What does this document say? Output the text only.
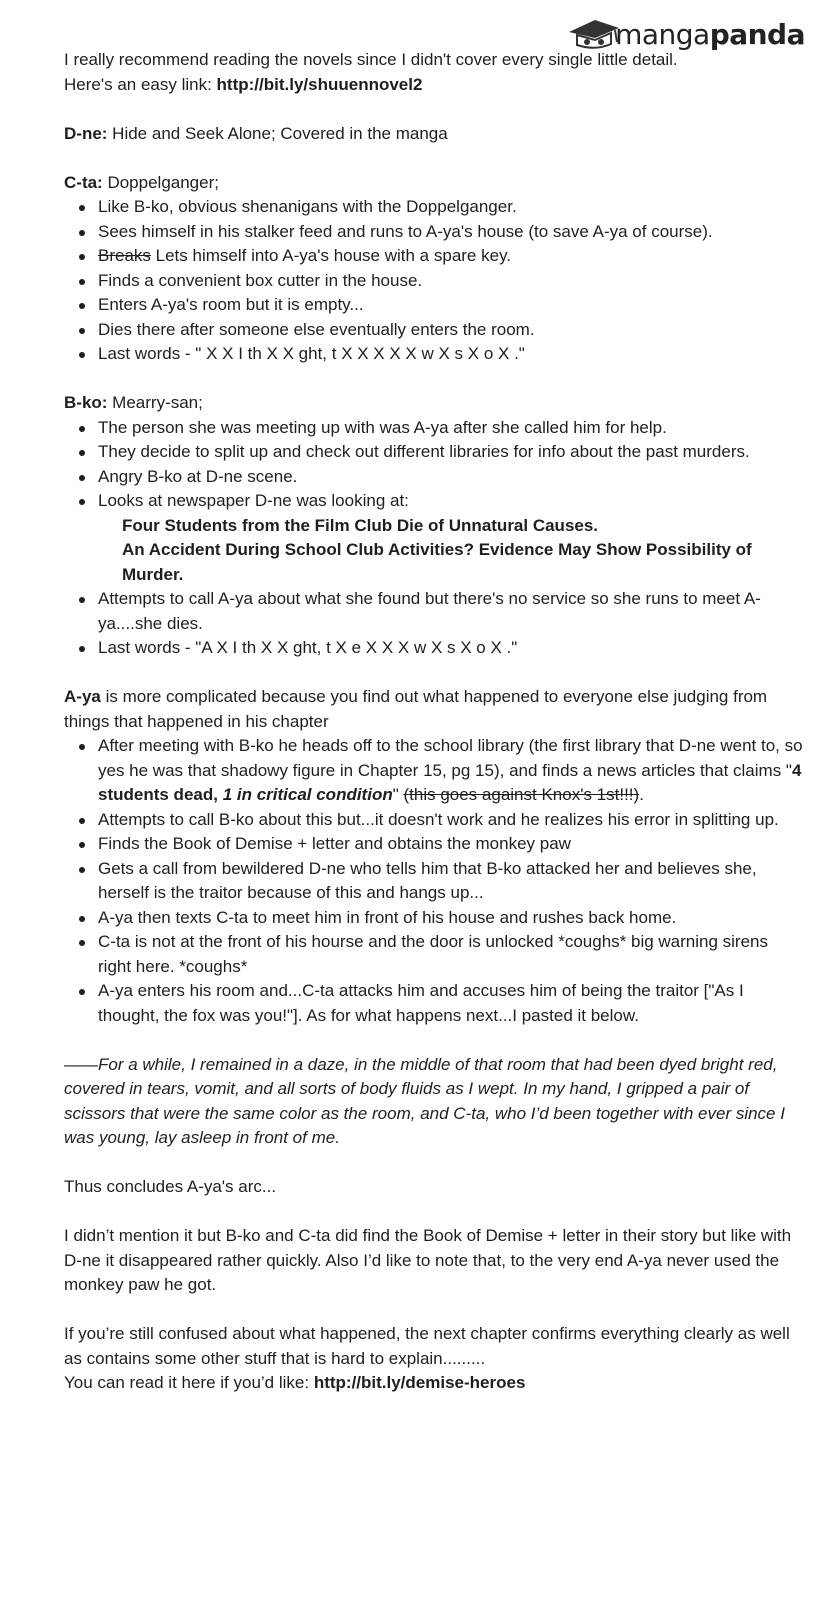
mangapanda

I really recommend reading the novels since I didn't cover every single little detail.

Here's an easy link: http://bit.ly/shuuennovel2

D-ne: Hide and Seek Alone; Covered in the manga

C-ta: Doppelganger;

Like B-ko, obvious shenanigans with the Doppelganger.
Sees himself in his stalker feed and runs to A-ya's house (to save A-ya of course).
Breaks Lets himself into A-ya's house with a spare key.
Finds a convenient box cutter in the house.
Enters A-ya's room but it is empty...
Dies there after someone else eventually enters the room.
Last words - " X X I th X X ght, t X X X X X w X s X o X ."

B-ko: Mearry-san;

The person she was meeting up with was A-ya after she called him for help.
They decide to split up and check out different libraries for info about the past murders.
Angry B-ko at D-ne scene.
Looks at newspaper D-ne was looking at:
Four Students from the Film Club Die of Unnatural Causes.
An Accident During School Club Activities? Evidence May Show Possibility of Murder.
Attempts to call A-ya about what she found but there's no service so she runs to meet A-ya....she dies.
Last words - "A X I th X X ght, t X e X X X w X s X o X ."

A-ya is more complicated because you find out what happened to everyone else judging from things that happened in his chapter

After meeting with B-ko he heads off to the school library (the first library that D-ne went to, so yes he was that shadowy figure in Chapter 15, pg 15), and finds a news articles that claims "4 students dead, 1 in critical condition" (this goes against Knox's 1st!!!).
Attempts to call B-ko about this but...it doesn't work and he realizes his error in splitting up.
Finds the Book of Demise + letter and obtains the monkey paw
Gets a call from bewildered D-ne who tells him that B-ko attacked her and believes she, herself is the traitor because of this and hangs up...
A-ya then texts C-ta to meet him in front of his house and rushes back home.
C-ta is not at the front of his hourse and the door is unlocked *coughs* big warning sirens right here. *coughs*
A-ya enters his room and...C-ta attacks him and accuses him of being the traitor ["As I thought, the fox was you!"]. As for what happens next...I pasted it below.

——For a while, I remained in a daze, in the middle of that room that had been dyed bright red, covered in tears, vomit, and all sorts of body fluids as I wept. In my hand, I gripped a pair of scissors that were the same color as the room, and C-ta, who I’d been together with ever since I was young, lay asleep in front of me.

Thus concludes A-ya's arc...

I didn’t mention it but B-ko and C-ta did find the Book of Demise + letter in their story but like with D-ne it disappeared rather quickly. Also I’d like to note that, to the very end A-ya never used the monkey paw he got.

If you’re still confused about what happened, the next chapter confirms everything clearly as well as contains some other stuff that is hard to explain.........

You can read it here if you’d like: http://bit.ly/demise-heroes
